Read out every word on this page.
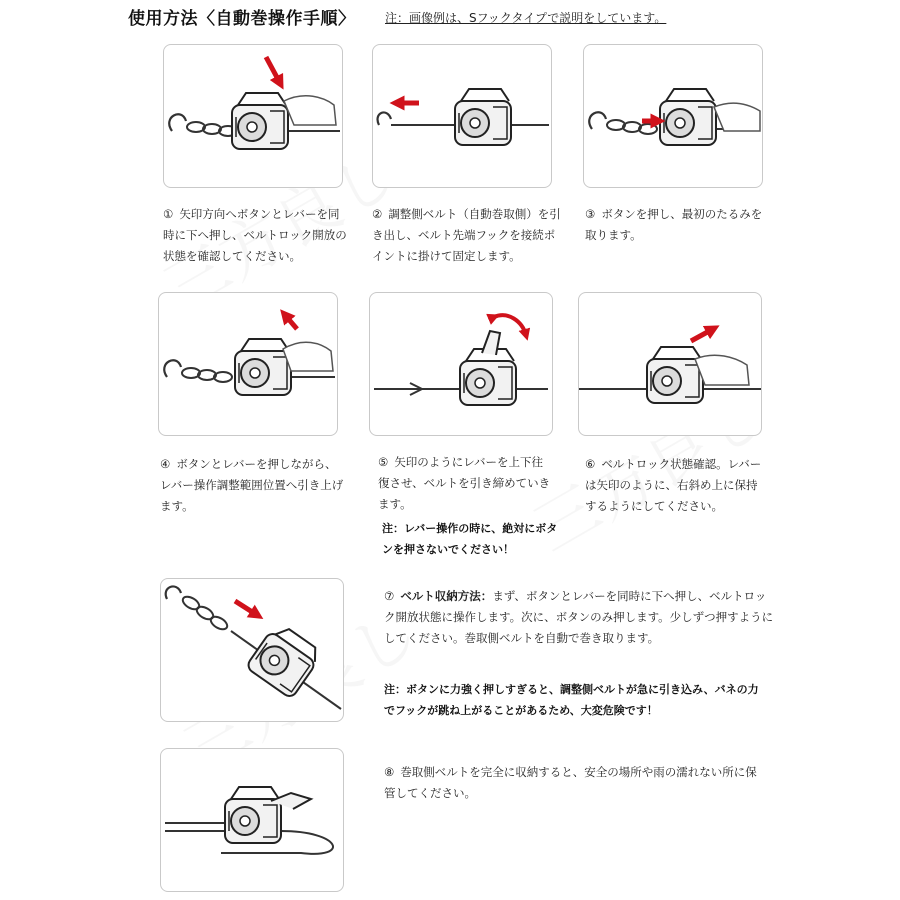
使用方法〈自動巻操作手順〉 注：画像例は、Sフックタイプで説明をしています。
① 矢印方向へボタンとレバーを同時に下へ押し、ベルトロック開放の状態を確認してください。
② 調整側ベルト（自動巻取側）を引き出し、ベルト先端フックを接続ポイントに掛けて固定します。
③ ボタンを押し、最初のたるみを取ります。
④ ボタンとレバーを押しながら、レバー操作調整範囲位置へ引き上げます。
⑤ 矢印のようにレバーを上下往復させ、ベルトを引き締めていきます。
注：レバー操作の時に、絶対にボタンを押さないでください！
⑥ ベルトロック状態確認。レバーは矢印のように、右斜め上に保持するようにしてください。
⑦ ベルト収納方法：まず、ボタンとレバーを同時に下へ押し、ベルトロック開放状態に操作します。次に、ボタンのみ押します。少しずつ押すようにしてください。巻取側ベルトを自動で巻き取ります。
注：ボタンに力強く押しすぎると、調整側ベルトが急に引き込み、バネの力でフックが跳ね上がることがあるため、大変危険です！
⑧ 巻取側ベルトを完全に収納すると、安全の場所や雨の濡れない所に保管してください。
